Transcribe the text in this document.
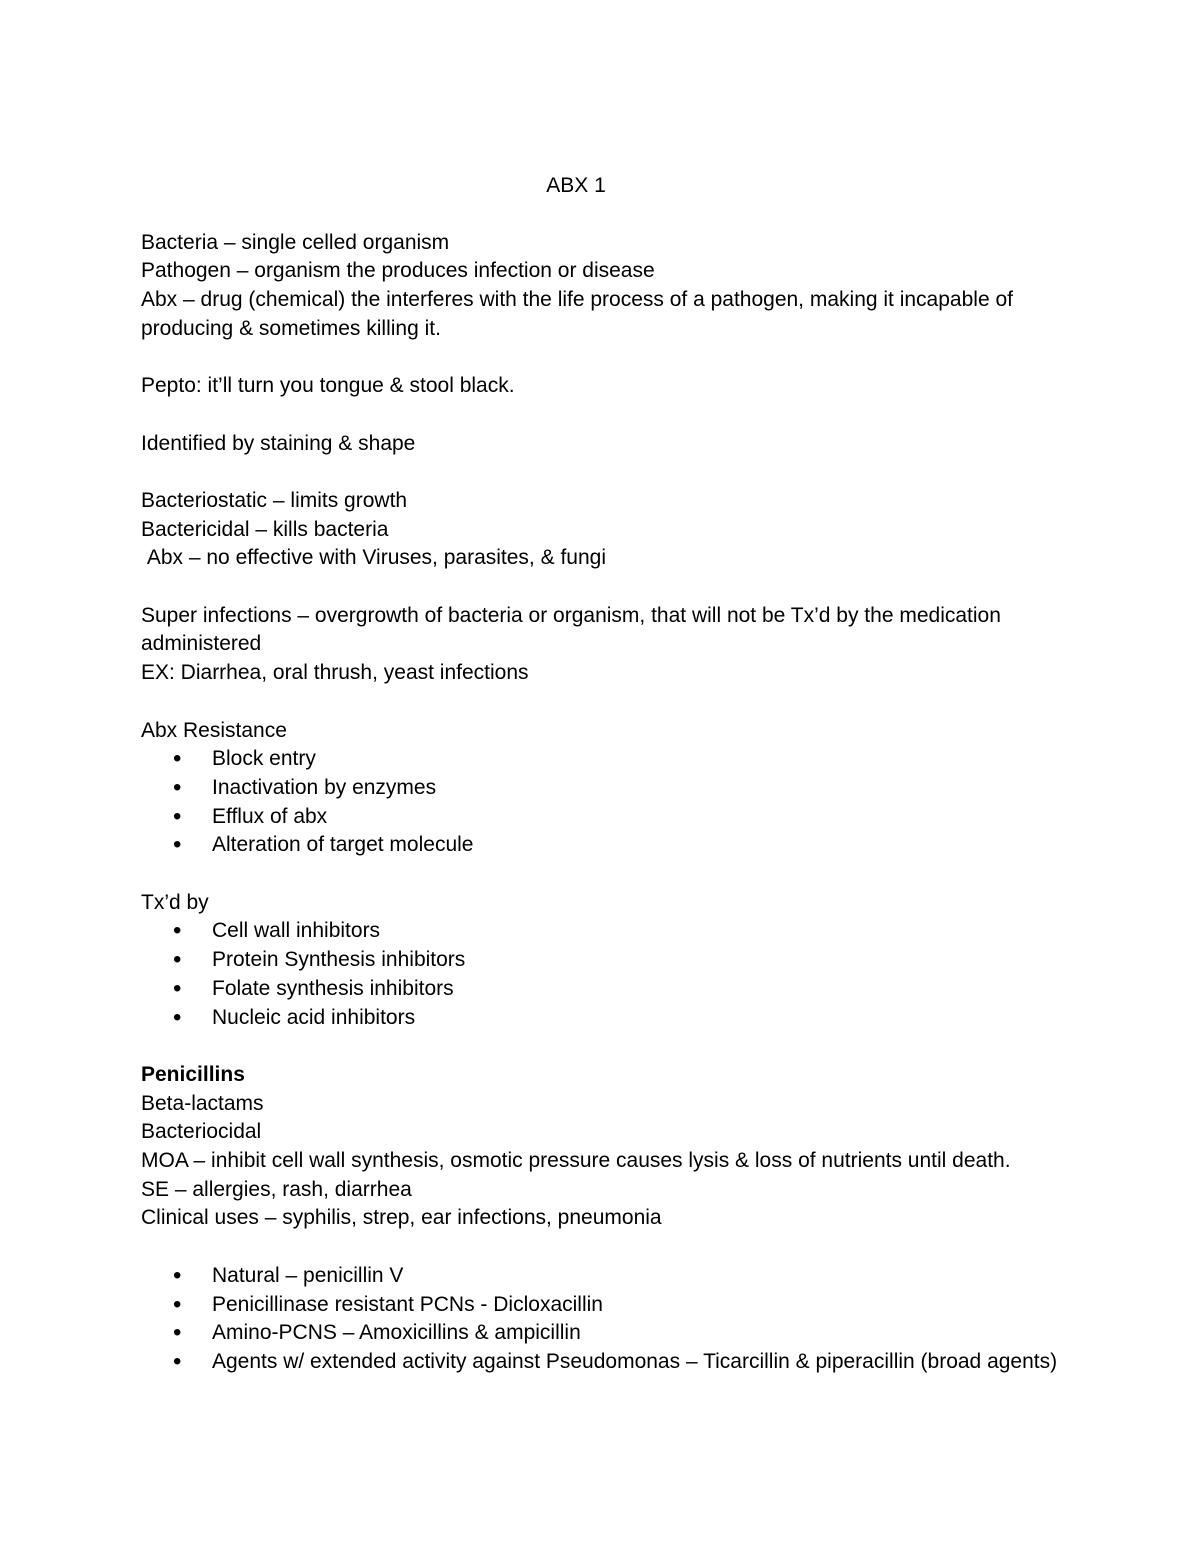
ABX 1
Bacteria – single celled organism
Pathogen – organism the produces infection or disease
Abx – drug (chemical) the interferes with the life process of a pathogen, making it incapable of producing & sometimes killing it.
Pepto: it’ll turn you tongue & stool black.
Identified by staining & shape
Bacteriostatic – limits growth
Bactericidal – kills bacteria
Abx – no effective with Viruses, parasites, & fungi
Super infections – overgrowth of bacteria or organism, that will not be Tx’d by the medication administered
EX: Diarrhea, oral thrush, yeast infections
Abx Resistance
• Block entry
• Inactivation by enzymes
• Efflux of abx
• Alteration of target molecule
Tx’d by
• Cell wall inhibitors
• Protein Synthesis inhibitors
• Folate synthesis inhibitors
• Nucleic acid inhibitors
Penicillins
Beta-lactams
Bacteriocidal
MOA – inhibit cell wall synthesis, osmotic pressure causes lysis & loss of nutrients until death.
SE – allergies, rash, diarrhea
Clinical uses – syphilis, strep, ear infections, pneumonia
• Natural – penicillin V
• Penicillinase resistant PCNs - Dicloxacillin
• Amino-PCNS – Amoxicillins & ampicillin
• Agents w/ extended activity against Pseudomonas – Ticarcillin & piperacillin (broad agents)
